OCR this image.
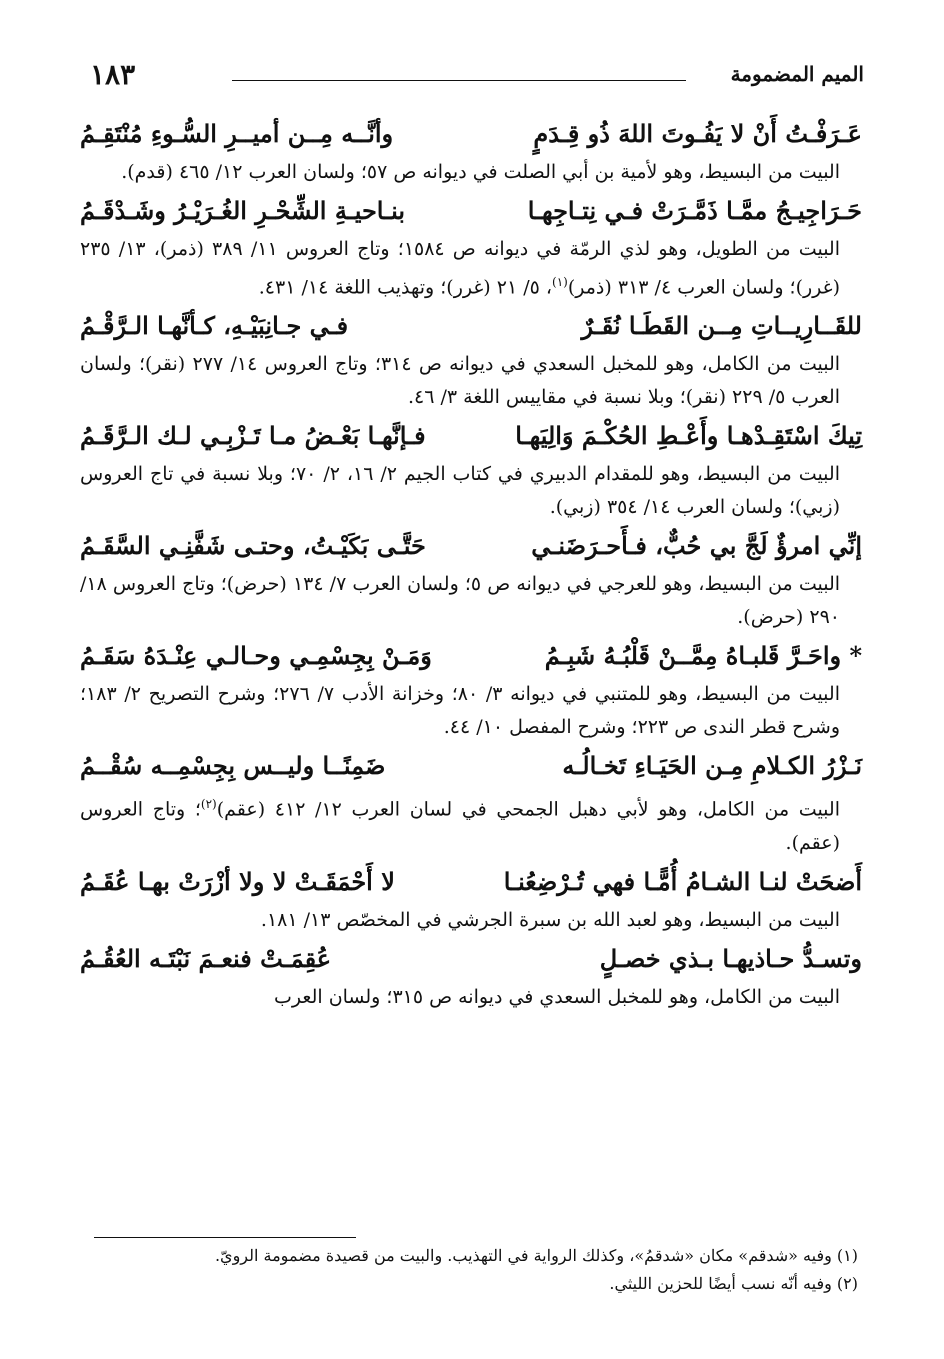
الميم المضمومة
١٨٣
عَـرَفْـتُ أَنْ لا يَفُـوتَ اللهَ ذُو قِـدَمٍ
وأنَّــه مِــن أميــرِ السُّـوءِ مُنْتَقِـمُ

البيت من البسيط، وهو لأمية بن أبي الصلت في ديوانه ص ٥٧؛ ولسان العرب ١٢/ ٤٦٥ (قدم).

حَـرَاجِيـجُ ممَّـا ذَمَّـرَتْ فـي نِتـاجِهـا
بنـاحيـةِ الشِّحْـرِ الغُـرَيْـرُ وشَـدْقَـمُ

البيت من الطويل، وهو لذي الرمّة في ديوانه ص ١٥٨٤؛ وتاج العروس ١١/ ٣٨٩ (ذمر)، ١٣/ ٢٣٥ (غرر)؛ ولسان العرب ٤/ ٣١٣ (ذمر)$^{(١)}$، ٥/ ٢١ (غرر)؛ وتهذيب اللغة ١٤/ ٤٣١.

للقَــارِيــاتِ مِــن القَطَـا نُقَـرٌ
فـي جـانِبَيْـهِ، كـأنَّهـا الـرَّقْـمُ

البيت من الكامل، وهو للمخبل السعدي في ديوانه ص ٣١٤؛ وتاج العروس ١٤/ ٢٧٧ (نقر)؛ ولسان العرب ٥/ ٢٢٩ (نقر)؛ وبلا نسبة في مقاييس اللغة ٣/ ٤٦.

تِيكَ اسْتَقِـدْهـا وأَعْـطِ الحُكْـمَ وَالِيَهـا
فـإنَّهـا بَعْـضُ مـا تَـزْبِـي لـك الـرَّقَـمُ

البيت من البسيط، وهو للمقدام الدبيري في كتاب الجيم ٢/ ١٦، ٢/ ٧٠؛ وبلا نسبة في تاج العروس (زبي)؛ ولسان العرب ١٤/ ٣٥٤ (زبي).

إنِّي امرؤٌ لَجَّ بي حُبٌّ، فـأَحـرَضَنـي
حَتَّـى بَكَيْـتُ، وحتـى شَفَّنِـي السَّقَـمُ

البيت من البسيط، وهو للعرجي في ديوانه ص ٥؛ ولسان العرب ٧/ ١٣٤ (حرض)؛ وتاج العروس ١٨/ ٢٩٠ (حرض).

* واحَـرَّ قَلبـاهُ مِمَّــنْ قَلْبُـهُ شَبِـمُ
وَمَـنْ بِجِسْمِـي وحـالـي عِنْـدَهُ سَقَـمُ

البيت من البسيط، وهو للمتنبي في ديوانه ٣/ ٨٠؛ وخزانة الأدب ٧/ ٢٧٦؛ وشرح التصريح ٢/ ١٨٣؛ وشرح قطر الندى ص ٢٢٣؛ وشرح المفصل ١٠/ ٤٤.

نَـزْرُ الكـلامِ مِـن الحَيَـاءِ تَخـالُـه
ضَمِنًــا وليــس بِجِسْمِــه سُقْــمُ

البيت من الكامل، وهو لأبي دهبل الجمحي في لسان العرب ١٢/ ٤١٢ (عقم)$^{(٢)}$؛ وتاج العروس (عقم).

أَضحَتْ لنـا الشـامُ أُمًّـا فهي تُـرْضِعُنـا
لا أَحْمَقَـتْ لا ولا أزْرَتْ بهـا عُقَـمُ

البيت من البسيط، وهو لعبد الله بن سبرة الجرشي في المخصّص ١٣/ ١٨١.

وتسـدُّ حـاذيهـا بـذي خصـلٍ
عُقِمَـتْ فنعـمَ نَبْتَـه العُقُـمُ

البيت من الكامل، وهو للمخبل السعدي في ديوانه ص ٣١٥؛ ولسان العرب

(١) وفيه «شدقم» مكان «شدقمُ»، وكذلك الرواية في التهذيب. والبيت من قصيدة مضمومة الرويّ.
(٢) وفيه أنّه نسب أيضًا للحزين الليثي.
